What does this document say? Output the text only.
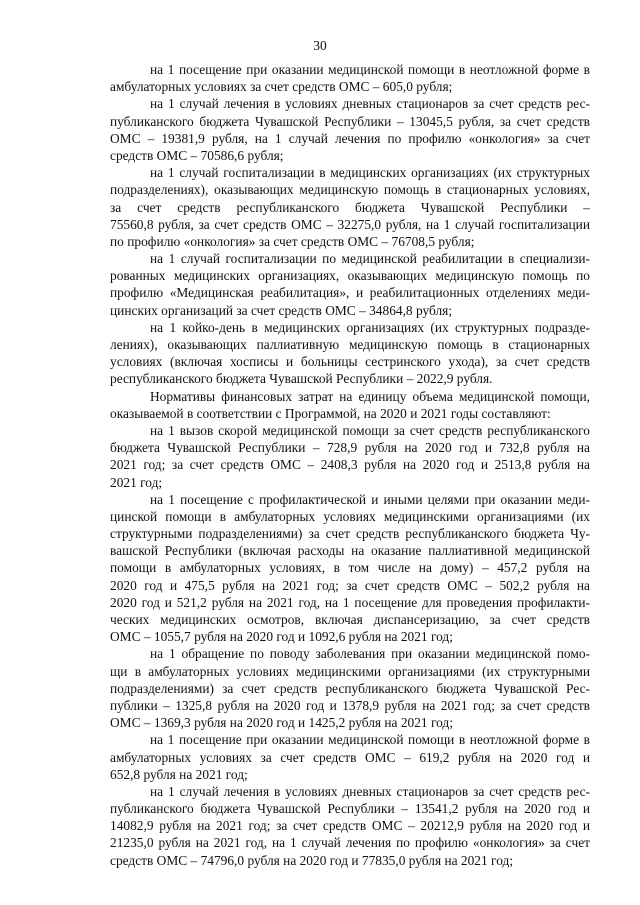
30
на 1 посещение при оказании медицинской помощи в неотложной форме в
амбулаторных условиях за счет средств ОМС – 605,0 рубля;
на 1 случай лечения в условиях дневных стационаров за счет средств рес-
публиканского бюджета Чувашской Республики – 13045,5 рубля, за счет средств
ОМС – 19381,9 рубля, на 1 случай лечения по профилю «онкология» за счет
средств ОМС – 70586,6 рубля;
на 1 случай госпитализации в медицинских организациях (их структурных
подразделениях), оказывающих медицинскую помощь в стационарных условиях,
за счет средств республиканского бюджета Чувашской Республики –
75560,8 рубля, за счет средств ОМС – 32275,0 рубля, на 1 случай госпитализации
по профилю «онкология» за счет средств ОМС – 76708,5 рубля;
на 1 случай госпитализации по медицинской реабилитации в специализи-
рованных медицинских организациях, оказывающих медицинскую помощь по
профилю «Медицинская реабилитация», и реабилитационных отделениях меди-
цинских организаций за счет средств ОМС – 34864,8 рубля;
на 1 койко-день в медицинских организациях (их структурных подразде-
лениях), оказывающих паллиативную медицинскую помощь в стационарных
условиях (включая хосписы и больницы сестринского ухода), за счет средств
республиканского бюджета Чувашской Республики – 2022,9 рубля.
Нормативы финансовых затрат на единицу объема медицинской помощи,
оказываемой в соответствии с Программой, на 2020 и 2021 годы составляют:
на 1 вызов скорой медицинской помощи за счет средств республиканского
бюджета Чувашской Республики – 728,9 рубля на 2020 год и 732,8 рубля на
2021 год; за счет средств ОМС – 2408,3 рубля на 2020 год и 2513,8 рубля на
2021 год;
на 1 посещение с профилактической и иными целями при оказании меди-
цинской помощи в амбулаторных условиях медицинскими организациями (их
структурными подразделениями) за счет средств республиканского бюджета Чу-
вашской Республики (включая расходы на оказание паллиативной медицинской
помощи в амбулаторных условиях, в том числе на дому) – 457,2 рубля на
2020 год и 475,5 рубля на 2021 год; за счет средств ОМС – 502,2 рубля на
2020 год и 521,2 рубля на 2021 год, на 1 посещение для проведения профилакти-
ческих медицинских осмотров, включая диспансеризацию, за счет средств
ОМС – 1055,7 рубля на 2020 год и 1092,6 рубля на 2021 год;
на 1 обращение по поводу заболевания при оказании медицинской помо-
щи в амбулаторных условиях медицинскими организациями (их структурными
подразделениями) за счет средств республиканского бюджета Чувашской Рес-
публики – 1325,8 рубля на 2020 год и 1378,9 рубля на 2021 год; за счет средств
ОМС – 1369,3 рубля на 2020 год и 1425,2 рубля на 2021 год;
на 1 посещение при оказании медицинской помощи в неотложной форме в
амбулаторных условиях за счет средств ОМС – 619,2 рубля на 2020 год и
652,8 рубля на 2021 год;
на 1 случай лечения в условиях дневных стационаров за счет средств рес-
публиканского бюджета Чувашской Республики – 13541,2 рубля на 2020 год и
14082,9 рубля на 2021 год; за счет средств ОМС – 20212,9 рубля на 2020 год и
21235,0 рубля на 2021 год, на 1 случай лечения по профилю «онкология» за счет
средств ОМС – 74796,0 рубля на 2020 год и 77835,0 рубля на 2021 год;
